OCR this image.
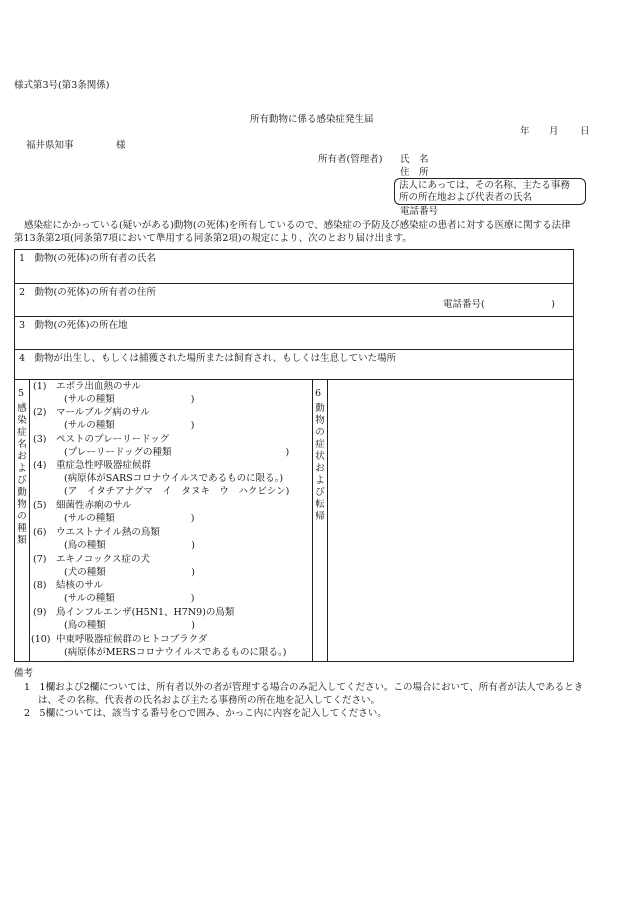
様式第3号(第3条関係)
所有動物に係る感染症発生届
年 月 日
福井県知事	様
所有者(管理者) 氏　名
住　所
法人にあっては、その名称、主たる事務
所の所在地および代表者の氏名
電話番号
感染症にかかっている(疑いがある)動物(の死体)を所有しているので、感染症の予防及び感染症の患者に対する医療に関する法律
第13条第2項(同条第7項において準用する同条第2項)の規定により、次のとおり届け出ます。
1　動物(の死体)の所有者の氏名
2　動物(の死体)の所有者の住所
電話番号(　　　　　　　)
3　動物(の死体)の所在地
4　動物が出生し、もしくは捕獲された場所または飼育され、もしくは生息していた場所
5
感染症名および動物の種類
6
動物の症状および転帰
(1) エボラ出血熱のサル
(サルの種類　　　　　　　　)
(2) マールブルグ病のサル
(サルの種類　　　　　　　　)
(3) ペストのプレーリードッグ
(プレーリードッグの種類　　　　　　　　　　　　)
(4) 重症急性呼吸器症候群
(病原体がSARSコロナウイルスであるものに限る。)
(ア　イタチアナグマ　イ　タヌキ　ウ　ハクビシン)
(5) 細菌性赤痢のサル
(サルの種類　　　　　　　　)
(6) ウエストナイル熱の鳥類
(鳥の種類　　　　　　　　　)
(7) エキノコックス症の犬
(犬の種類　　　　　　　　　)
(8) 結核のサル
(サルの種類　　　　　　　　)
(9) 鳥インフルエンザ(H5N1、H7N9)の鳥類
(鳥の種類　　　　　　　　　)
(10) 中東呼吸器症候群のヒトコブラクダ
(病原体がMERSコロナウイルスであるものに限る。)
備考
1　1欄および2欄については、所有者以外の者が管理する場合のみ記入してください。この場合において、所有者が法人であるとき
は、その名称、代表者の氏名および主たる事務所の所在地を記入してください。
2　5欄については、該当する番号を○で囲み、かっこ内に内容を記入してください。
